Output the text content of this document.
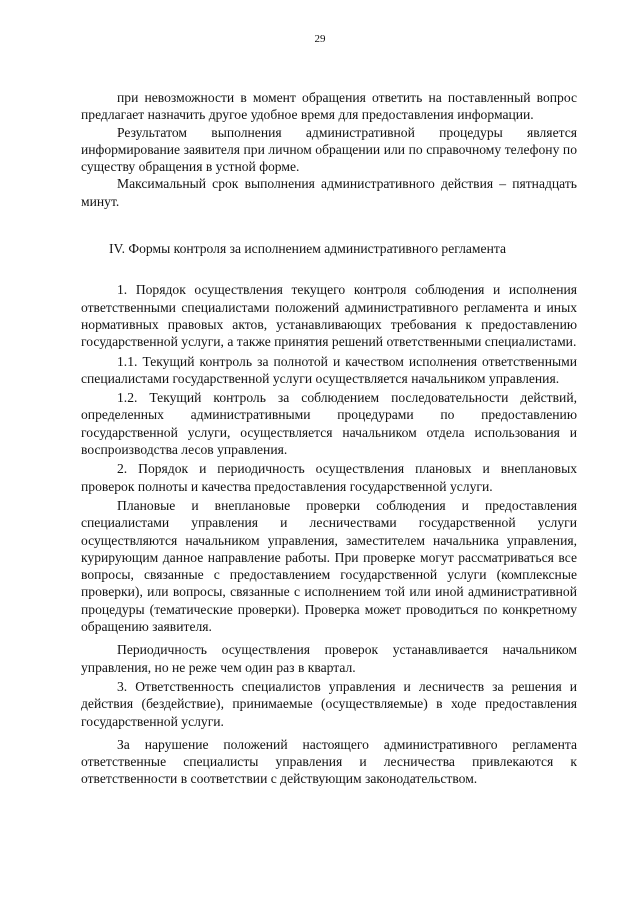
29

при невозможности в момент обращения ответить на поставленный вопрос предлагает назначить другое удобное время для предоставления информации.

Результатом выполнения административной процедуры является информирование заявителя при личном обращении или по справочному телефону по существу обращения в устной форме.

Максимальный срок выполнения административного действия – пятнадцать минут.

IV. Формы контроля за исполнением административного регламента

1. Порядок осуществления текущего контроля соблюдения и исполнения ответственными специалистами положений административного регламента и иных нормативных правовых актов, устанавливающих требования к предоставлению государственной услуги, а также принятия решений ответственными специалистами.

1.1. Текущий контроль за полнотой и качеством исполнения ответственными специалистами государственной услуги осуществляется начальником управления.

1.2. Текущий контроль за соблюдением последовательности действий, определенных административными процедурами по предоставлению государственной услуги, осуществляется начальником отдела использования и воспроизводства лесов управления.

2. Порядок и периодичность осуществления плановых и внеплановых проверок полноты и качества предоставления государственной услуги.

Плановые и внеплановые проверки соблюдения и предоставления специалистами управления и лесничествами государственной услуги осуществляются начальником управления, заместителем начальника управления, курирующим данное направление работы. При проверке могут рассматриваться все вопросы, связанные с предоставлением государственной услуги (комплексные проверки), или вопросы, связанные с исполнением той или иной административной процедуры (тематические проверки). Проверка может проводиться по конкретному обращению заявителя.

Периодичность осуществления проверок устанавливается начальником управления, но не реже чем один раз в квартал.

3. Ответственность специалистов управления и лесничеств за решения и действия (бездействие), принимаемые (осуществляемые) в ходе предоставления государственной услуги.

За нарушение положений настоящего административного регламента ответственные специалисты управления и лесничества привлекаются к ответственности в соответствии с действующим законодательством.
